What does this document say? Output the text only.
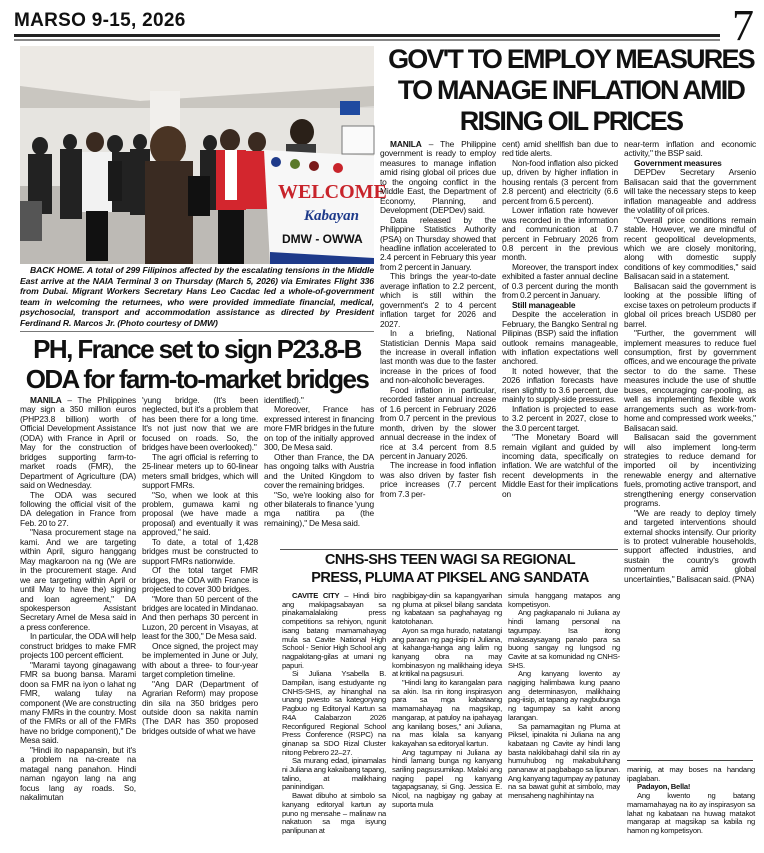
MARSO 9-15, 2026	7
WELCOME
Kabayan
DMW - OWWA
BACK HOME. A total of 299 Filipinos affected by the escalating tensions in the Middle East arrive at the NAIA Terminal 3 on Thursday (March 5, 2026) via Emirates Flight 336 from Dubai. Migrant Workers Secretary Hans Leo Cacdac led a whole-of-government team in welcoming the returnees, who were provided immediate financial, medical, psychosocial, transport and accommodation assistance as directed by President Ferdinand R. Marcos Jr. (Photo courtesy of DMW)
PH, France set to sign P23.8-B
ODA for farm-to-market bridges

MANILA – The Philippines may sign a 350 million euros (PHP23.8 billion) worth of Official Development Assistance (ODA) with France in April or May for the construction of bridges supporting farm-to-market roads (FMR), the Department of Agriculture (DA) said on Wednesday.

The ODA was secured following the official visit of the DA delegation in France from Feb. 20 to 27.

"Nasa procurement stage na kami. And we are targeting within April, siguro hanggang May magkaroon na ng (We are in the procurement stage. And we are targeting within April or until May to have the) signing and loan agreement," DA spokesperson Assistant Secretary Arnel de Mesa said in a press conference.

In particular, the ODA will help construct bridges to make FMR projects 100 percent efficient.

"Marami tayong ginagawang FMR sa buong bansa. Marami doon sa FMR na iyon o lahat ng FMR, walang tulay na component (We are constructing many FMRs in the country. Most of the FMRs or all of the FMRs have no bridge component)," De Mesa said.

"Hindi ito napapansin, but it's a problem na na-create na matagal nang panahon. Hindi naman ngayon lang na ang focus lang ay roads. So, nakalimutan

'yung bridge. (It's been neglected, but it's a problem that has been there for a long time. It's not just now that we are focused on roads. So, the bridges have been overlooked)."

The agri official is referring to 25-linear meters up to 60-linear meters small bridges, which will support FMRs.

"So, when we look at this problem, gumawa kami ng proposal (we have made a proposal) and eventually it was approved," he said.

To date, a total of 1,428 bridges must be constructed to support FMRs nationwide.

Of the total target FMR bridges, the ODA with France is projected to cover 300 bridges.

"More than 50 percent of the bridges are located in Mindanao. And then perhaps 30 percent in Luzon, 20 percent in Visayas, at least for the 300," De Mesa said.

Once signed, the project may be implemented in June or July, with about a three- to four-year target completion timeline.

"Ang DAR (Department of Agrarian Reform) may propose din sila na 350 bridges pero outside doon sa nakita namin (The DAR has 350 proposed bridges outside of what we have

identified)."

Moreover, France has expressed interest in financing more FMR bridges in the future on top of the initially approved 300, De Mesa said.

Other than France, the DA has ongoing talks with Austria and the United Kingdom to cover the remaining bridges.

"So, we're looking also for other bilaterals to finance 'yung mga natitira pa (the remaining)," De Mesa said.

GOV'T TO EMPLOY MEASURES
TO MANAGE INFLATION AMID
RISING OIL PRICES

MANILA – The Philippine government is ready to employ measures to manage inflation amid rising global oil prices due to the ongoing conflict in the Middle East, the Department of Economy, Planning, and Development (DEPDev) said.

Data released by the Philippine Statistics Authority (PSA) on Thursday showed that headline inflation accelerated to 2.4 percent in February this year from 2 percent in January.

This brings the year-to-date average inflation to 2.2 percent, which is still within the government's 2 to 4 percent inflation target for 2026 and 2027.

In a briefing, National Statistician Dennis Mapa said the increase in overall inflation last month was due to the faster increase in the prices of food and non-alcoholic beverages.

Food inflation in particular, recorded faster annual increase of 1.6 percent in February 2026 from 0.7 percent in the previous month, driven by the slower annual decrease in the index of rice at 3.4 percent from 8.5 percent in January 2026.

The increase in food inflation was also driven by faster fish price increases (7.7 percent from 7.3 per-

cent) amid shellfish ban due to red tide alerts.

Non-food inflation also picked up, driven by higher inflation in housing rentals (3 percent from 2.8 percent) and electricity (6.6 percent from 6.5 percent).

Lower inflation rate however was recorded in the information and communication at 0.7 percent in February 2026 from 0.8 percent in the previous month.

Moreover, the transport index exhibited a faster annual decline of 0.3 percent during the month from 0.2 percent in January.

Still manageable

Despite the acceleration in February, the Bangko Sentral ng Pilipinas (BSP) said the inflation outlook remains manageable, with inflation expectations well anchored.

It noted however, that the 2026 inflation forecasts have risen slightly to 3.6 percent, due mainly to supply-side pressures.

Inflation is projected to ease to 3.2 percent in 2027, close to the 3.0 percent target.

"The Monetary Board will remain vigilant and guided by incoming data, specifically on inflation. We are watchful of the recent developments in the Middle East for their implications on

near-term inflation and economic activity," the BSP said.

Government measures

DEPDev Secretary Arsenio Balisacan said that the government will take the necessary steps to keep inflation manageable and address the volatility of oil prices.

"Overall price conditions remain stable. However, we are mindful of recent geopolitical developments, which we are closely monitoring, along with domestic supply conditions of key commodities," said Balisacan said in a statement.

Balisacan said the government is looking at the possible lifting of excise taxes on petroleum products if global oil prices breach USD80 per barrel.

"Further, the government will implement measures to reduce fuel consumption, first by government offices, and we encourage the private sector to do the same. These measures include the use of shuttle buses, encouraging car-pooling, as well as implementing flexible work arrangements such as work-from-home and compressed work weeks," Balisacan said.

Balisacan said the government will also implement long-term strategies to reduce demand for imported oil by incentivizing renewable energy and alternative fuels, promoting active transport, and strengthening energy conservation programs.

"We are ready to deploy timely and targeted interventions should external shocks intensify. Our priority is to protect vulnerable households, support affected industries, and sustain the country's growth momentum amid global uncertainties," Balisacan said. (PNA)

CNHS-SHS TEEN WAGI SA REGIONAL
PRESS, PLUMA AT PIKSEL ANG SANDATA

CAVITE CITY – Hindi biro ang makipagsabayan sa pinakamalalaking press competitions sa rehiyon, ngunit isang batang mamamahayag mula sa Cavite National High School - Senior High School ang nagpakitang-gilas at umani ng papuri.

Si Juliana Ysabella B. Dampilan, isang estudyante ng CNHS-SHS, ay hinanghal na unang pwesto sa kategoryang Pagbuo ng Editoryal Kartun sa R4A Calabarzon 2026 Reconfigured Regional School Press Conference (RSPC) na ginanap sa SDO Rizal Cluster nitong Pebrero 22–27.

Sa murang edad, ipinamalas ni Juliana ang kakaibang tapang, talino, at malikhaing paninindigan.

Bawat dibuho at simbolo sa kanyang editoryal kartun ay puno ng mensahe – malinaw na nakatuon sa mga isyung panlipunan at

nagbibigay-diin sa kapangyarihan ng pluma at piksel bilang sandata ng kabataan sa paghahayag ng katotohanan.

Ayon sa mga hurado, natatangi ang paraan ng pag-iisip ni Juliana, at kahanga-hanga ang lalim ng kanyang obra na may kombinasyon ng malikhaing ideya at kritikal na pagsusuri.

"Hindi lang ito karangalan para sa akin. Isa rin itong inspirasyon para sa mga kabataang mamamahayag na magsikap, mangarap, at patuloy na ipahayag ang kanilang boses," ani Juliana, na mas kilala sa kanyang kakayahan sa editoryal kartun.

Ang tagumpay ni Juliana ay hindi lamang bunga ng kanyang sariling pagsusumikap. Malaki ang naging papel ng kanyang tagapagsanay, si Gng. Jessica E. Nicol, na nagbigay ng gabay at suporta mula

simula hanggang matapos ang kompetisyon.

Ang pagkapanalo ni Juliana ay hindi lamang personal na tagumpay. Isa itong makasaysayang panalo para sa buong sangay ng lungsod ng Cavite at sa komunidad ng CNHS-SHS.

Ang kanyang kwento ay nagiging halimbawa kung paano ang determinasyon, malikhaing pag-iisip, at tapang ay nagbubunga ng tagumpay sa kahit anong larangan.

Sa pamamagitan ng Pluma at Piksel, ipinakita ni Juliana na ang kabataan ng Cavite ay hindi lang basta nakikibahagi dahil sila rin ay humuhubog ng makabuluhang pananaw at pagbabago sa lipunan. Ang kanyang tagumpay ay patunay na sa bawat guhit at simbolo, may mensaheng naghihintay na

marinig, at may boses na handang ipaglaban.

Padayon, Bella!

Ang kwento ng batang mamamahayag na ito ay inspirasyon sa lahat ng kabataan na huwag matakot mangarap at magsikap sa kabila ng hamon ng kompetisyon.
